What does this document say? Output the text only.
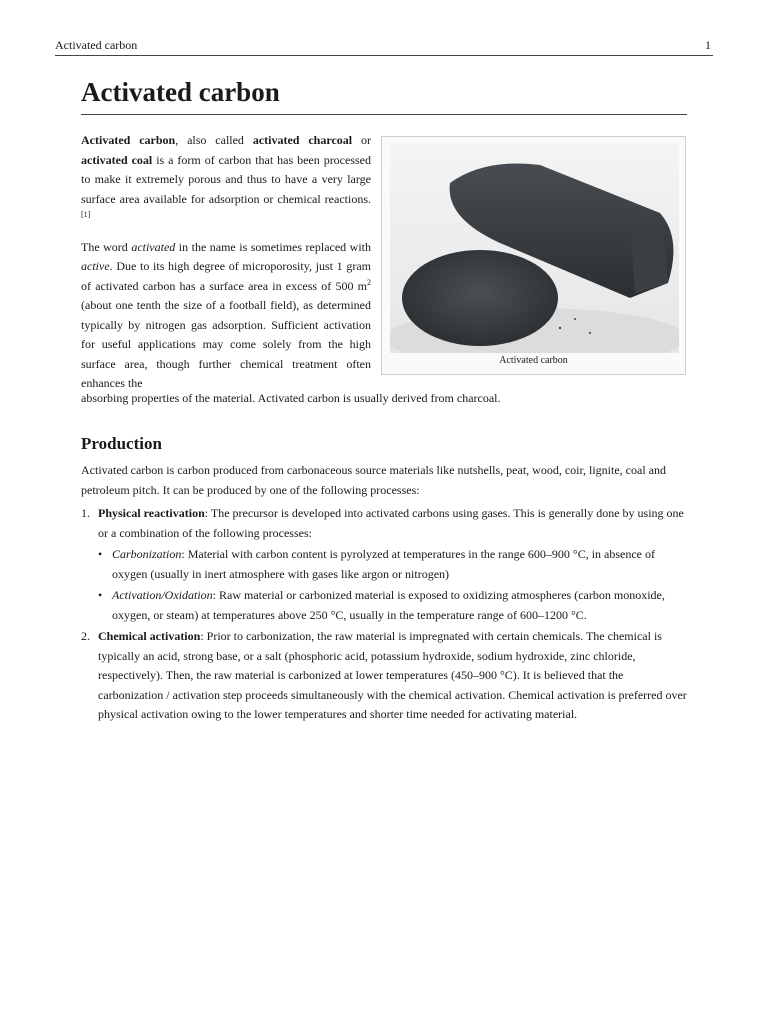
Activated carbon	1
Activated carbon

Activated carbon, also called activated charcoal or activated coal is a form of carbon that has been processed to make it extremely porous and thus to have a very large surface area available for adsorption or chemical reactions.[1]

The word activated in the name is sometimes replaced with active. Due to its high degree of microporosity, just 1 gram of activated carbon has a surface area in excess of 500 $m^2$ (about one tenth the size of a football field), as determined typically by nitrogen gas adsorption. Sufficient activation for useful applications may come solely from the high surface area, though further chemical treatment often enhances the

absorbing properties of the material. Activated carbon is usually derived from charcoal.
Activated carbon
Production

Activated carbon is carbon produced from carbonaceous source materials like nutshells, peat, wood, coir, lignite, coal and petroleum pitch. It can be produced by one of the following processes:

1. Physical reactivation: The precursor is developed into activated carbons using gases. This is generally done by using one or a combination of the following processes:
• Carbonization: Material with carbon content is pyrolyzed at temperatures in the range 600–900 °C, in absence of oxygen (usually in inert atmosphere with gases like argon or nitrogen)
• Activation/Oxidation: Raw material or carbonized material is exposed to oxidizing atmospheres (carbon monoxide, oxygen, or steam) at temperatures above 250 °C, usually in the temperature range of 600–1200 °C.
2. Chemical activation: Prior to carbonization, the raw material is impregnated with certain chemicals. The chemical is typically an acid, strong base, or a salt (phosphoric acid, potassium hydroxide, sodium hydroxide, zinc chloride, respectively). Then, the raw material is carbonized at lower temperatures (450–900 °C). It is believed that the carbonization / activation step proceeds simultaneously with the chemical activation. Chemical activation is preferred over physical activation owing to the lower temperatures and shorter time needed for activating material.
